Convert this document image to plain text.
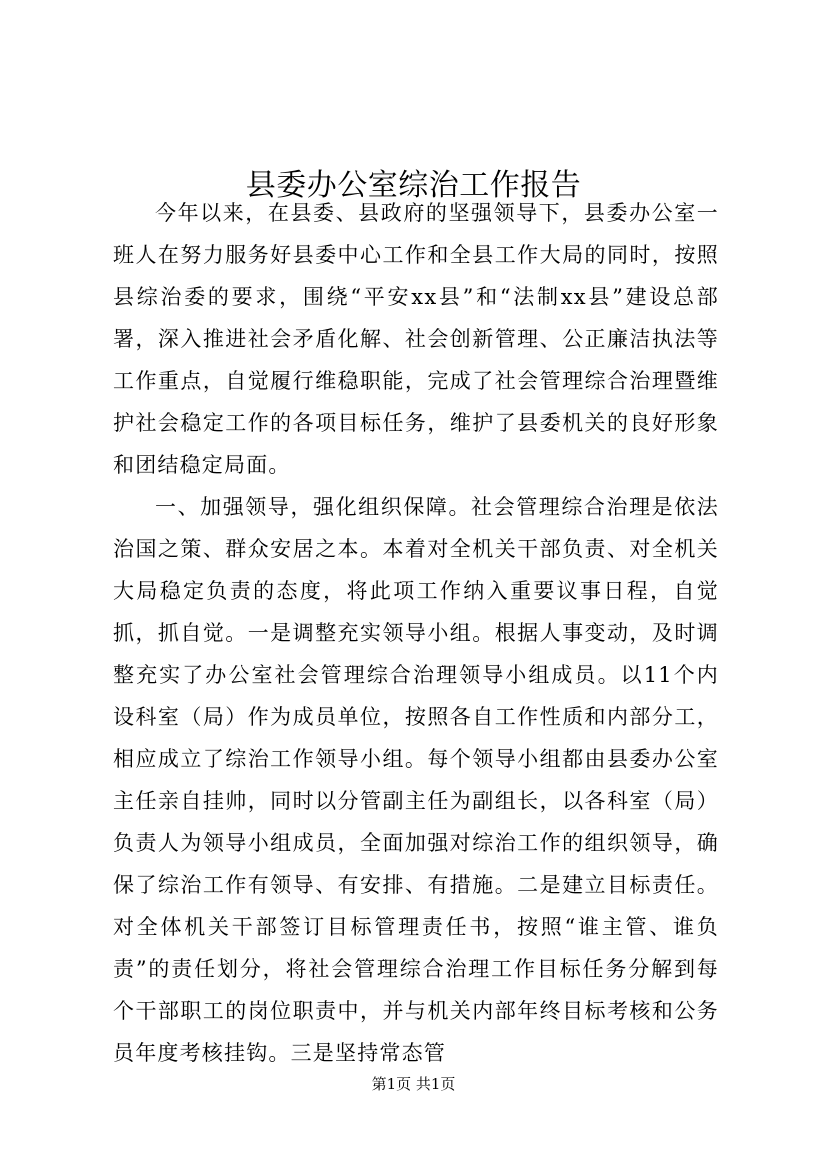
县委办公室综治工作报告

今年以来，在县委、县政府的坚强领导下，县委办公室一班人在努力服务好县委中心工作和全县工作大局的同时，按照县综治委的要求，围绕“平安xx县”和“法制xx县”建设总部署，深入推进社会矛盾化解、社会创新管理、公正廉洁执法等工作重点，自觉履行维稳职能，完成了社会管理综合治理暨维护社会稳定工作的各项目标任务，维护了县委机关的良好形象和团结稳定局面。

一、加强领导，强化组织保障。社会管理综合治理是依法治国之策、群众安居之本。本着对全机关干部负责、对全机关大局稳定负责的态度，将此项工作纳入重要议事日程，自觉抓，抓自觉。一是调整充实领导小组。根据人事变动，及时调整充实了办公室社会管理综合治理领导小组成员。以11个内设科室（局）作为成员单位，按照各自工作性质和内部分工，相应成立了综治工作领导小组。每个领导小组都由县委办公室主任亲自挂帅，同时以分管副主任为副组长，以各科室（局）负责人为领导小组成员，全面加强对综治工作的组织领导，确保了综治工作有领导、有安排、有措施。二是建立目标责任。对全体机关干部签订目标管理责任书，按照“谁主管、谁负责”的责任划分，将社会管理综合治理工作目标任务分解到每个干部职工的岗位职责中，并与机关内部年终目标考核和公务员年度考核挂钩。三是坚持常态管

第1页 共1页
